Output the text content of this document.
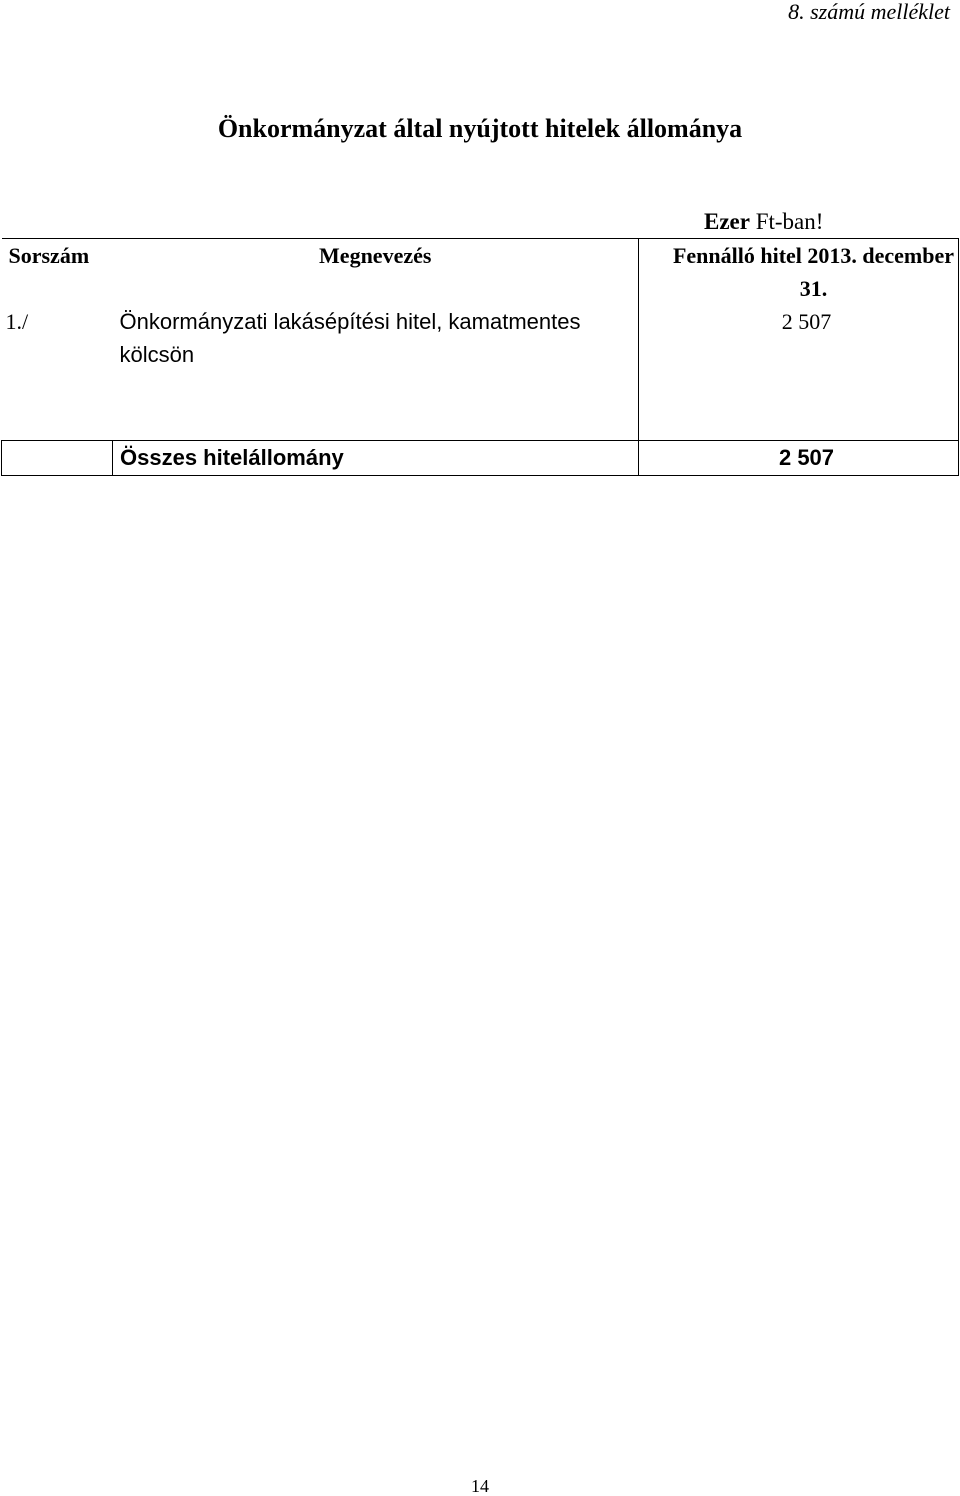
8. számú melléklet
Önkormányzat által nyújtott hitelek állománya
Ezer Ft-ban!
Sorszám	Megnevezés	Fennálló hitel 2013. december 31.
1./	Önkormányzati lakásépítési hitel, kamatmentes kölcsön	2 507
	Összes hitelállomány	2 507
14
